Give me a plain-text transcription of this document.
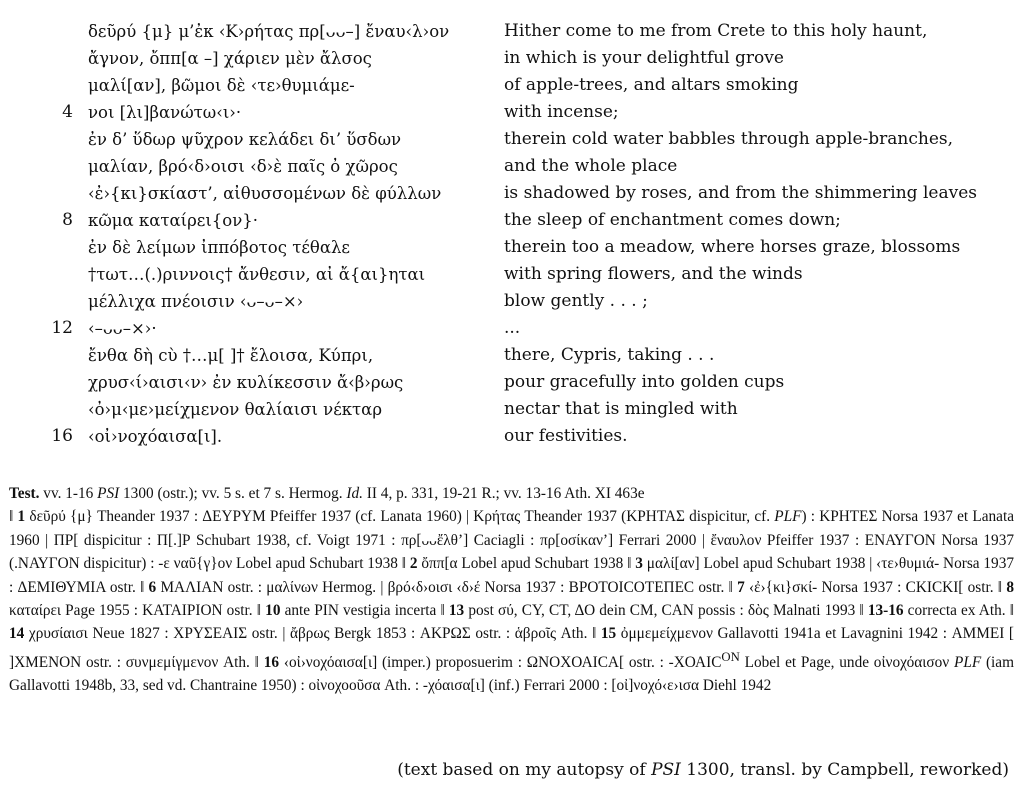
δεῦρύ {μ} μ’ἐκ ‹Κ›ρήτας πρ[ᴗᴗ–] ἔναυ‹λ›ον	Hither come to me from Crete to this holy haunt,
ἄγνον, ὄππ[α –] χάριεν μὲν ἄλσος	in which is your delightful grove
μαλί[αν], βῶμοι δὲ ‹τε›θυμιάμε-	of apple-trees, and altars smoking
4 νοι [λι]βανώτω‹ι›·	with incense;
ἐν δ’ ὕδωρ ψῦχρον κελάδει δι’ ὕσδων	therein cold water babbles through apple-branches,
μαλίαν, βρό‹δ›οισι ‹δ›ὲ παῖς ὀ χῶρος	and the whole place
‹ἐ›{κι}σκίαστ’, αἰθυσσομένων δὲ φύλλων	is shadowed by roses, and from the shimmering leaves
8 κῶμα καταίρει{ον}·	the sleep of enchantment comes down;
ἐν δὲ λείμων ἰππόβοτος τέθαλε	therein too a meadow, where horses graze, blossoms
†τωτ…(.)ριννοις† ἄνθεσιν, αἰ ἄ{αι}ηται	with spring flowers, and the winds
μέλλιχα πνέοισιν ‹ᴗ–ᴗ–×›	blow gently . . . ;
12 ‹–ᴗᴗ–×›·	...
ἔνθα δὴ cὺ †…μ[ ]† ἔλοισα, Κύπρι,	there, Cypris, taking . . .
χρυσ‹ί›αισι‹ν› ἐν κυλίκεσσιν ἄ‹β›ρως	pour gracefully into golden cups
‹ὀ›μ‹με›μείχμενον θαλίαισι νέκταρ	nectar that is mingled with
16 ‹οἰ›νοχόαισα[ι].	our festivities.

Test. vv. 1-16 PSI 1300 (ostr.); vv. 5 s. et 7 s. Hermog. Id. II 4, p. 331, 19-21 R.; vv. 13-16 Ath. XI 463e

‖ 1 δεῦρύ {μ} Theander 1937 : ΔΕΥΡΥΜ Pfeiffer 1937 (cf. Lanata 1960) | Κρήτας Theander 1937 (ΚΡΗΤΑΣ dispicitur, cf. PLF) : ΚΡΗΤΕΣ Norsa 1937 et Lanata 1960 | ΠΡ[ dispicitur : Π[.]Ρ Schubart 1938, cf. Voigt 1971 : πρ[ᴗᴗἔλθ’] Caciagli : πρ[οσίκαν’] Ferrari 2000 | ἔναυλον Pfeiffer 1937 : ΕΝΑΥΓΟΝ Norsa 1937 (.ΝΑΥΓΟΝ dispicitur) : -ε ναῦ{γ}ον Lobel apud Schubart 1938 ‖ 2 ὄππ[α Lobel apud Schubart 1938 ‖ 3 μαλί[αν] Lobel apud Schubart 1938 | ‹τε›θυμιά- Norsa 1937 : ΔΕΜΙΘΥΜΙΑ ostr. ‖ 6 ΜΑΛΙΑΝ ostr. : μαλίνων Hermog. | βρό‹δ›οισι ‹δ›έ Norsa 1937 : ΒΡΟΤΟΙCΟΤΕΠΕC ostr. ‖ 7 ‹ἐ›{κι}σκί- Norsa 1937 : CΚΙCΚΙ[ ostr. ‖ 8 καταίρει Page 1955 : ΚΑΤΑΙΡΙΟΝ ostr. ‖ 10 ante ΡΙΝ vestigia incerta ‖ 13 post σύ, CΥ, CΤ, ΔΟ dein CΜ, CΑΝ possis : δὸς Malnati 1993 ‖ 13-16 correcta ex Ath. ‖ 14 χρυσίαισι Neue 1827 : ΧΡΥΣΕΑΙΣ ostr. | ἄβρως Bergk 1853 : ΑΚΡΩΣ ostr. : ἁβροῖς Ath. ‖ 15 ὀμμεμείχμενον Gallavotti 1941a et Lavagnini 1942 : ΑΜΜΕΙ [ ]ΧΜΕΝΟΝ ostr. : συνμεμίγμενον Ath. ‖ 16 ‹οἰ›νοχόαισα[ι] (imper.) proposuerim : ΩΝΟΧΟΑΙCΑ[ ostr. : $-XOAIC^{ON}$ Lobel et Page, unde οἰνοχόαισον PLF (iam Gallavotti 1948b, 33, sed vd. Chantraine 1950) : οἰνοχοοῦσα Ath. : -χόαισα[ι] (inf.) Ferrari 2000 : [οἰ]νοχό‹ε›ισα Diehl 1942

(text based on my autopsy of PSI 1300, transl. by Campbell, reworked)
